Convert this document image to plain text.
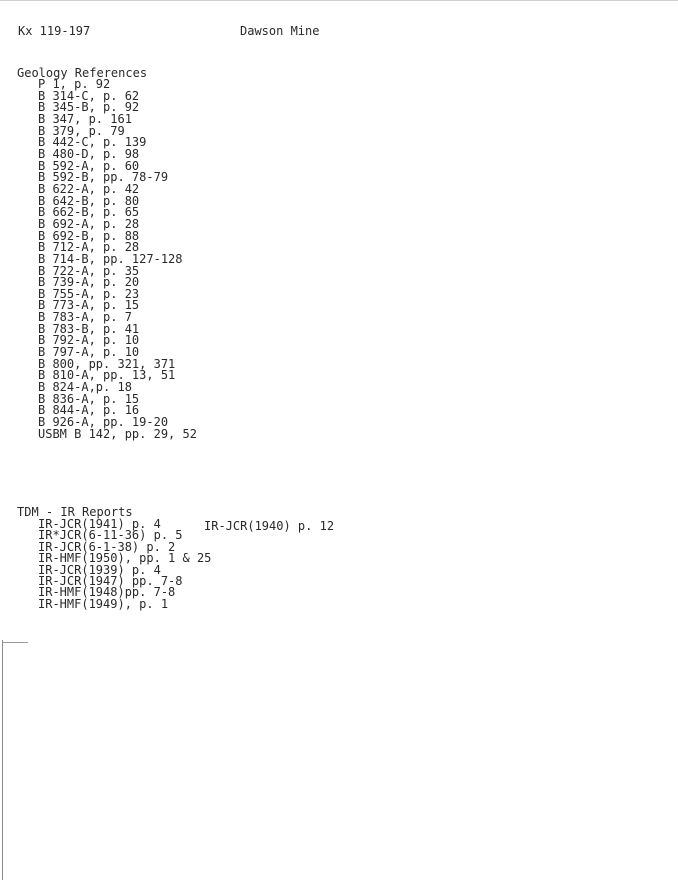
Kx 119-197	Dawson Mine
Geology References
P 1, p. 92
B 314-C, p. 62
B 345-B, p. 92
B 347, p. 161
B 379, p. 79
B 442-C, p. 139
B 480-D, p. 98
B 592-A, p. 60
B 592-B, pp. 78-79
B 622-A, p. 42
B 642-B, p. 80
B 662-B, p. 65
B 692-A, p. 28
B 692-B, p. 88
B 712-A, p. 28
B 714-B, pp. 127-128
B 722-A, p. 35
B 739-A, p. 20
B 755-A, p. 23
B 773-A, p. 15
B 783-A, p. 7
B 783-B, p. 41
B 792-A, p. 10
B 797-A, p. 10
B 800, pp. 321, 371
B 810-A, pp. 13, 51
B 824-A,p. 18
B 836-A, p. 15
B 844-A, p. 16
B 926-A, pp. 19-20
USBM B 142, pp. 29, 52
TDM - IR Reports
IR-JCR(1941) p. 4
IR*JCR(6-11-36) p. 5
IR-JCR(6-1-38) p. 2
IR-HMF(1950), pp. 1 & 25
IR-JCR(1939) p. 4
IR-JCR(1947) pp. 7-8
IR-HMF(1948)pp. 7-8
IR-HMF(1949), p. 1
IR-JCR(1940) p. 12
